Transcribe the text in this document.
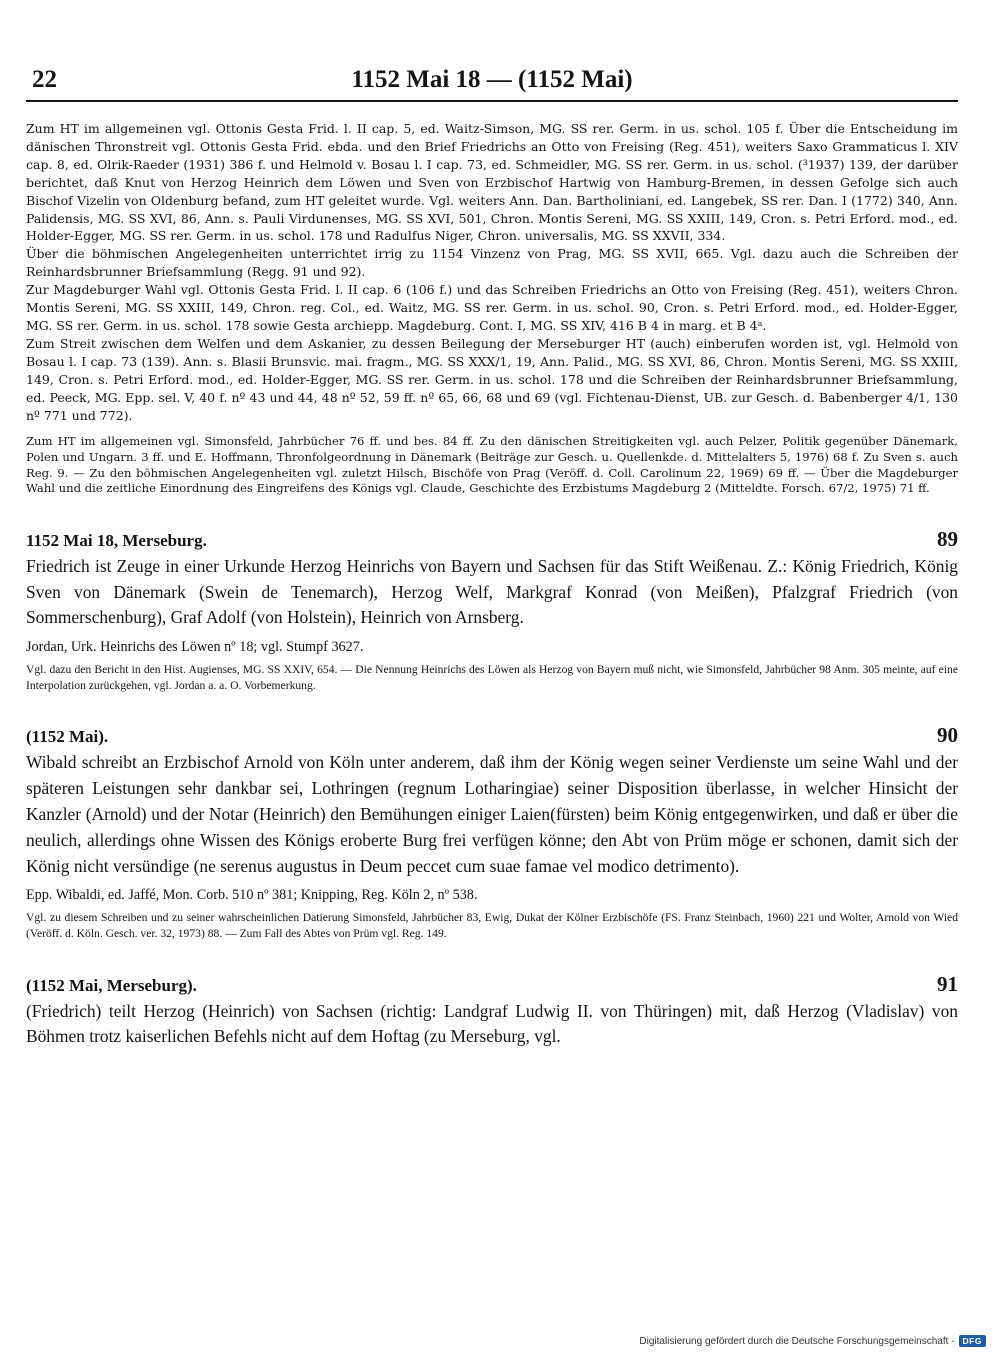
22	1152 Mai 18 — (1152 Mai)

Zum HT im allgemeinen vgl. Ottonis Gesta Frid. l. II cap. 5, ed. Waitz-Simson, MG. SS rer. Germ. in us. schol. 105 f. Über die Entscheidung im dänischen Thronstreit vgl. Ottonis Gesta Frid. ebda. und den Brief Friedrichs an Otto von Freising (Reg. 451), weiters Saxo Grammaticus l. XIV cap. 8, ed. Olrik-Raeder (1931) 386 f. und Helmold v. Bosau l. I cap. 73, ed. Schmeidler, MG. SS rer. Germ. in us. schol. (³1937) 139, der darüber berichtet, daß Knut von Herzog Heinrich dem Löwen und Sven von Erzbischof Hartwig von Hamburg-Bremen, in dessen Gefolge sich auch Bischof Vizelin von Oldenburg befand, zum HT geleitet wurde. Vgl. weiters Ann. Dan. Bartholiniani, ed. Langebek, SS rer. Dan. I (1772) 340, Ann. Palidensis, MG. SS XVI, 86, Ann. s. Pauli Virdunenses, MG. SS XVI, 501, Chron. Montis Sereni, MG. SS XXIII, 149, Cron. s. Petri Erford. mod., ed. Holder-Egger, MG. SS rer. Germ. in us. schol. 178 und Radulfus Niger, Chron. universalis, MG. SS XXVII, 334.

Über die böhmischen Angelegenheiten unterrichtet irrig zu 1154 Vinzenz von Prag, MG. SS XVII, 665. Vgl. dazu auch die Schreiben der Reinhardsbrunner Briefsammlung (Regg. 91 und 92).

Zur Magdeburger Wahl vgl. Ottonis Gesta Frid. l. II cap. 6 (106 f.) und das Schreiben Friedrichs an Otto von Freising (Reg. 451), weiters Chron. Montis Sereni, MG. SS XXIII, 149, Chron. reg. Col., ed. Waitz, MG. SS rer. Germ. in us. schol. 90, Cron. s. Petri Erford. mod., ed. Holder-Egger, MG. SS rer. Germ. in us. schol. 178 sowie Gesta archiepp. Magdeburg. Cont. I, MG. SS XIV, 416 B 4 in marg. et B 4ᵃ.

Zum Streit zwischen dem Welfen und dem Askanier, zu dessen Beilegung der Merseburger HT (auch) einberufen worden ist, vgl. Helmold von Bosau l. I cap. 73 (139). Ann. s. Blasii Brunsvic. mai. fragm., MG. SS XXX/1, 19, Ann. Palid., MG. SS XVI, 86, Chron. Montis Sereni, MG. SS XXIII, 149, Cron. s. Petri Erford. mod., ed. Holder-Egger, MG. SS rer. Germ. in us. schol. 178 und die Schreiben der Reinhardsbrunner Briefsammlung, ed. Peeck, MG. Epp. sel. V, 40 f. nº 43 und 44, 48 nº 52, 59 ff. nº 65, 66, 68 und 69 (vgl. Fichtenau-Dienst, UB. zur Gesch. d. Babenberger 4/1, 130 nº 771 und 772).

Zum HT im allgemeinen vgl. Simonsfeld, Jahrbücher 76 ff. und bes. 84 ff. Zu den dänischen Streitigkeiten vgl. auch Pelzer, Politik gegenüber Dänemark, Polen und Ungarn. 3 ff. und E. Hoffmann, Thronfolgeordnung in Dänemark (Beiträge zur Gesch. u. Quellenkde. d. Mittelalters 5, 1976) 68 f. Zu Sven s. auch Reg. 9. — Zu den böhmischen Angelegenheiten vgl. zuletzt Hilsch, Bischöfe von Prag (Veröff. d. Coll. Carolinum 22, 1969) 69 ff. — Über die Magdeburger Wahl und die zeitliche Einordnung des Eingreifens des Königs vgl. Claude, Geschichte des Erzbistums Magdeburg 2 (Mitteldte. Forsch. 67/2, 1975) 71 ff.
1152 Mai 18, Merseburg.	89

Friedrich ist Zeuge in einer Urkunde Herzog Heinrichs von Bayern und Sachsen für das Stift Weißenau. Z.: König Friedrich, König Sven von Dänemark (Swein de Tenemarch), Herzog Welf, Markgraf Konrad (von Meißen), Pfalzgraf Friedrich (von Sommerschenburg), Graf Adolf (von Holstein), Heinrich von Arnsberg.

Jordan, Urk. Heinrichs des Löwen nº 18; vgl. Stumpf 3627.
Vgl. dazu den Bericht in den Hist. Augienses, MG. SS XXIV, 654. — Die Nennung Heinrichs des Löwen als Herzog von Bayern muß nicht, wie Simonsfeld, Jahrbücher 98 Anm. 305 meinte, auf eine Interpolation zurückgehen, vgl. Jordan a. a. O. Vorbemerkung.
(1152 Mai).	90

Wibald schreibt an Erzbischof Arnold von Köln unter anderem, daß ihm der König wegen seiner Verdienste um seine Wahl und der späteren Leistungen sehr dankbar sei, Lothringen (regnum Lotharingiae) seiner Disposition überlasse, in welcher Hinsicht der Kanzler (Arnold) und der Notar (Heinrich) den Bemühungen einiger Laien(fürsten) beim König entgegenwirken, und daß er über die neulich, allerdings ohne Wissen des Königs eroberte Burg frei verfügen könne; den Abt von Prüm möge er schonen, damit sich der König nicht versündige (ne serenus augustus in Deum peccet cum suae famae vel modico detrimento).

Epp. Wibaldi, ed. Jaffé, Mon. Corb. 510 nº 381; Knipping, Reg. Köln 2, nº 538.
Vgl. zu diesem Schreiben und zu seiner wahrscheinlichen Datierung Simonsfeld, Jahrbücher 83, Ewig, Dukat der Kölner Erzbischöfe (FS. Franz Steinbach, 1960) 221 und Wolter, Arnold von Wied (Veröff. d. Köln. Gesch. ver. 32, 1973) 88. — Zum Fall des Abtes von Prüm vgl. Reg. 149.
(1152 Mai, Merseburg).	91

(Friedrich) teilt Herzog (Heinrich) von Sachsen (richtig: Landgraf Ludwig II. von Thüringen) mit, daß Herzog (Vladislav) von Böhmen trotz kaiserlichen Befehls nicht auf dem Hoftag (zu Merseburg, vgl.

Digitalisierung gefördert durch die Deutsche Forschungsgemeinschaft - DFG
